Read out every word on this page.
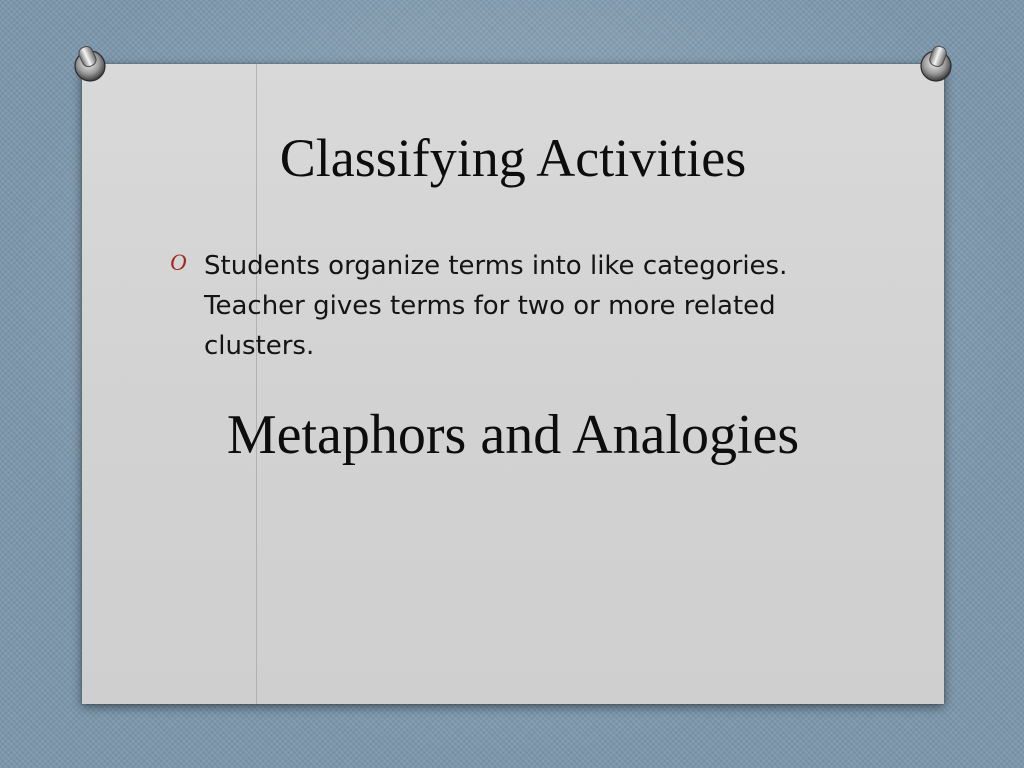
Classifying Activities
O Students organize terms into like categories. Teacher gives terms for two or more related clusters.
Metaphors and Analogies
